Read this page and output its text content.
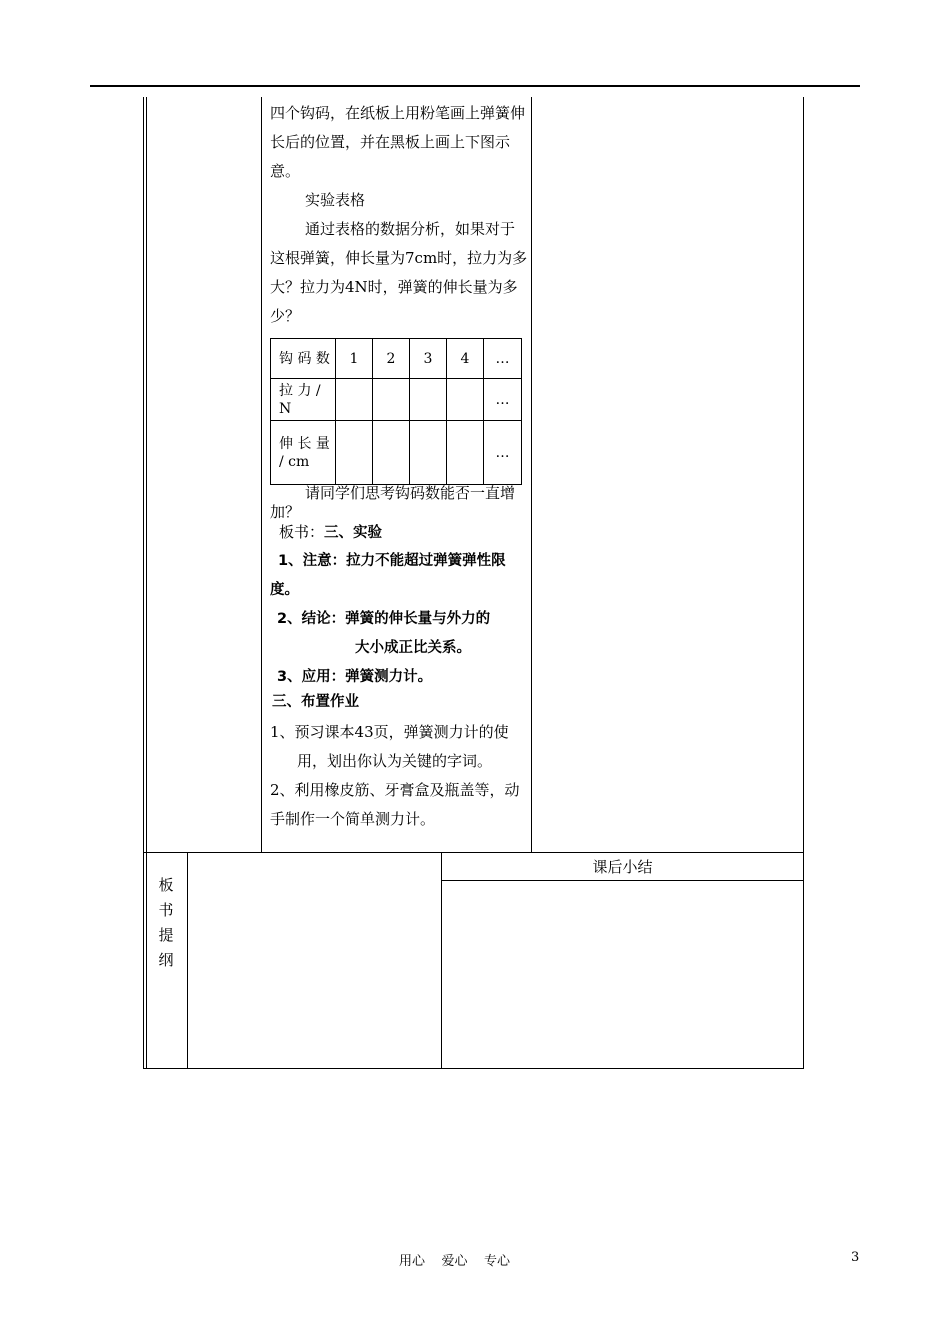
四个钩码，在纸板上用粉笔画上弹簧伸长后的位置，并在黑板上画上下图示意。
实验表格
通过表格的数据分析，如果对于这根弹簧，伸长量为7cm时，拉力为多大？拉力为4N时，弹簧的伸长量为多少？
钩 码 数	1	2	3	4	…
拉 力 / N					…
伸 长 量 / cm					…
请同学们思考钩码数能否一直增加？
板书：三、实验
1、注意：拉力不能超过弹簧弹性限度。
2、结论：弹簧的伸长量与外力的
大小成正比关系。
3、应用：弹簧测力计。
三、布置作业
1、预习课本43页，弹簧测力计的使
用，划出你认为关键的字词。
2、利用橡皮筋、牙膏盒及瓶盖等，动手制作一个简单测力计。
板
书
提
纲
课后小结
用心    爱心    专心	3
